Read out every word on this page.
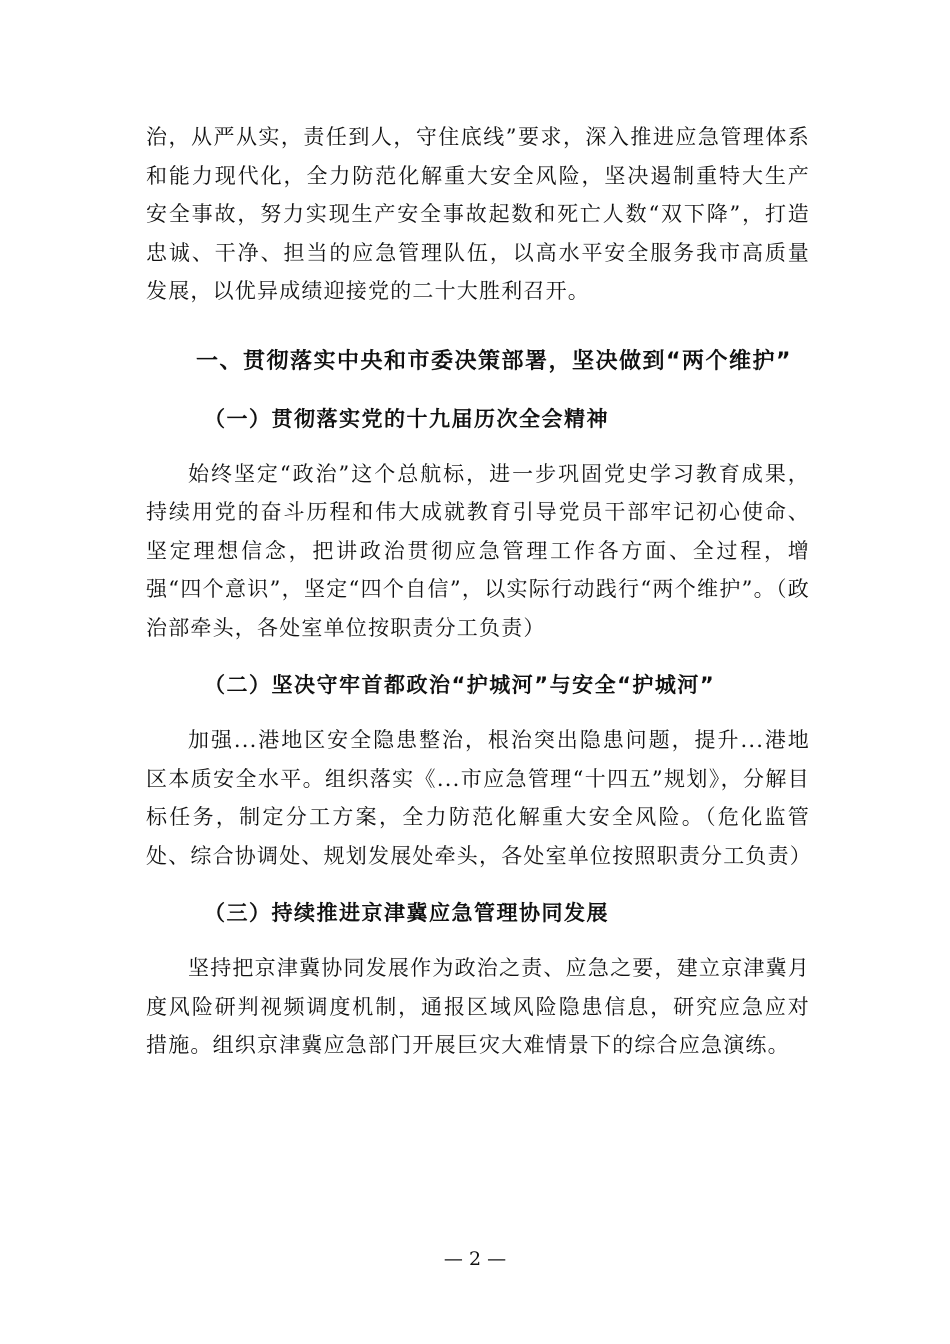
治，从严从实，责任到人，守住底线”要求，深入推进应急管理体系和能力现代化，全力防范化解重大安全风险，坚决遏制重特大生产安全事故，努力实现生产安全事故起数和死亡人数“双下降”，打造忠诚、干净、担当的应急管理队伍，以高水平安全服务我市高质量发展，以优异成绩迎接党的二十大胜利召开。

一、贯彻落实中央和市委决策部署，坚决做到“两个维护”
（一）贯彻落实党的十九届历次全会精神

始终坚定“政治”这个总航标，进一步巩固党史学习教育成果，持续用党的奋斗历程和伟大成就教育引导党员干部牢记初心使命、坚定理想信念，把讲政治贯彻应急管理工作各方面、全过程，增强“四个意识”，坚定“四个自信”，以实际行动践行“两个维护”。（政治部牵头，各处室单位按职责分工负责）

（二）坚决守牢首都政治“护城河”与安全“护城河”

加强...港地区安全隐患整治，根治突出隐患问题，提升...港地区本质安全水平。组织落实《...市应急管理“十四五”规划》，分解目标任务，制定分工方案，全力防范化解重大安全风险。（危化监管处、综合协调处、规划发展处牵头，各处室单位按照职责分工负责）

（三）持续推进京津冀应急管理协同发展

坚持把京津冀协同发展作为政治之责、应急之要，建立京津冀月度风险研判视频调度机制，通报区域风险隐患信息，研究应急应对措施。组织京津冀应急部门开展巨灾大难情景下的综合应急演练。

— 2 —
